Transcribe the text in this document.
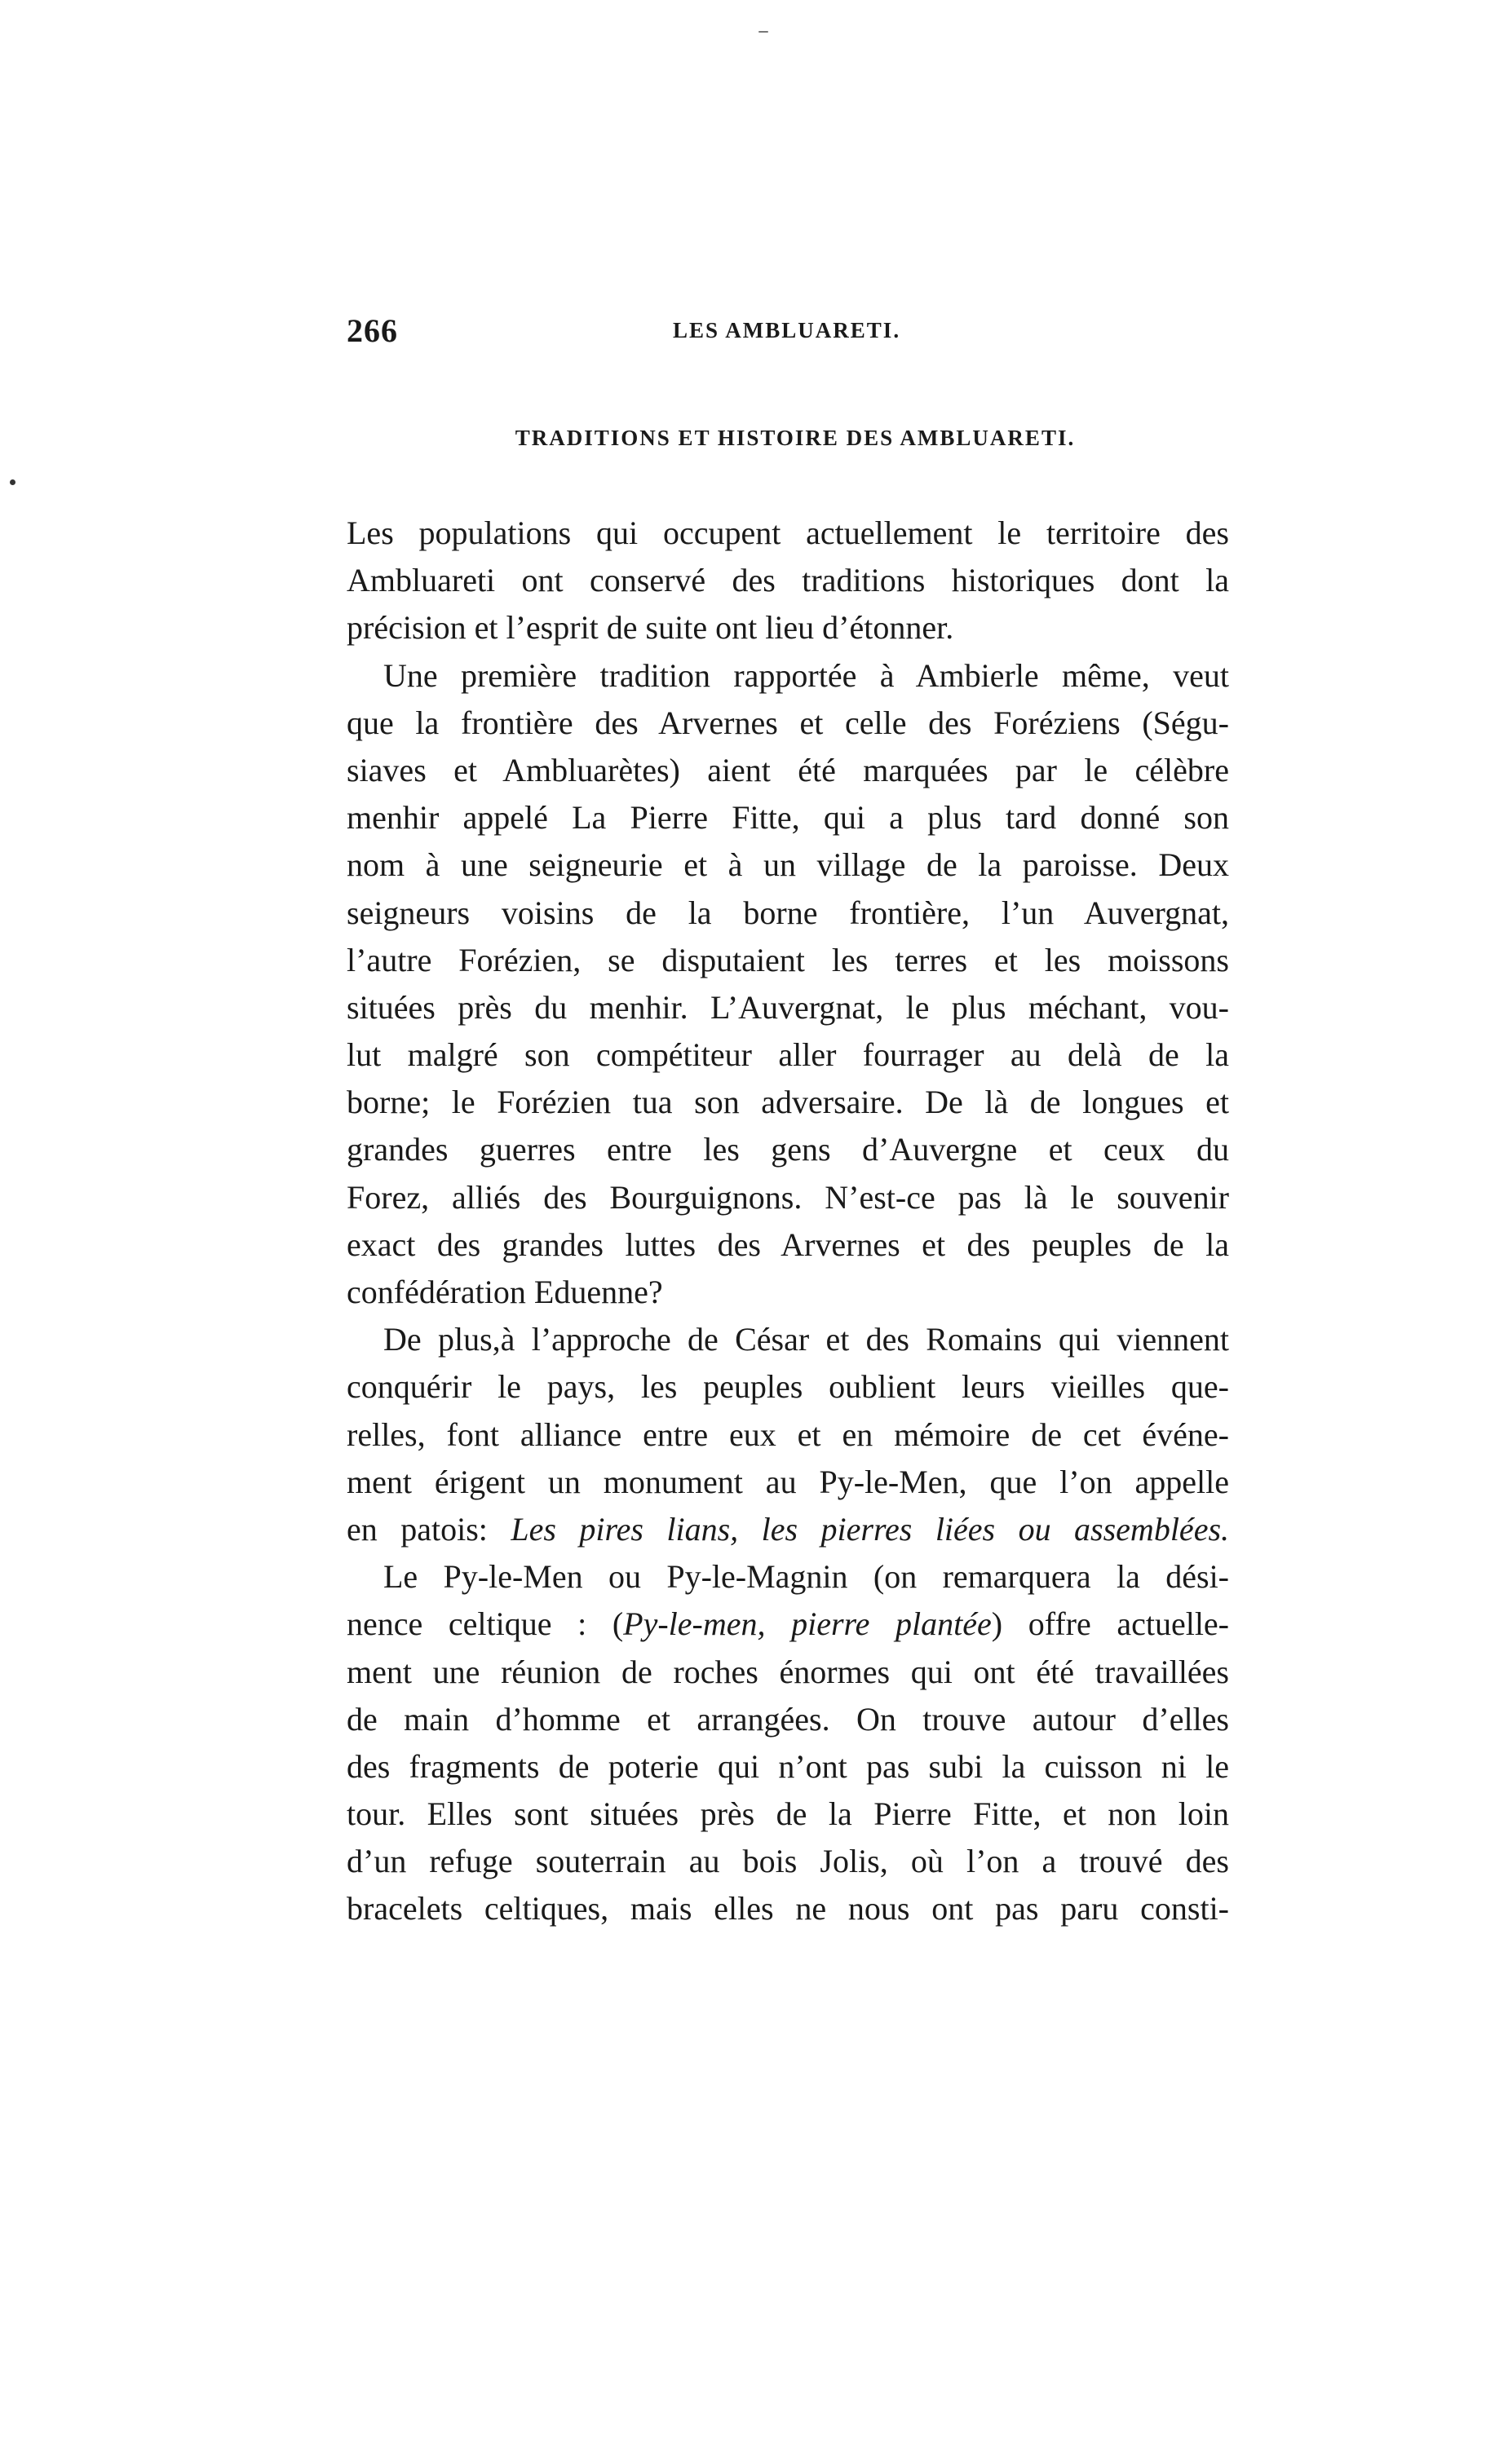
266	LES AMBLUARETI.
TRADITIONS ET HISTOIRE DES AMBLUARETI.
Les populations qui occupent actuellement le territoire des
Ambluareti ont conservé des traditions historiques dont la
précision et l’esprit de suite ont lieu d’étonner.
Une première tradition rapportée à Ambierle même, veut
que la frontière des Arvernes et celle des Foréziens (Ségu-
siaves et Ambluarètes) aient été marquées par le célèbre
menhir appelé La Pierre Fitte, qui a plus tard donné son
nom à une seigneurie et à un village de la paroisse. Deux
seigneurs voisins de la borne frontière, l’un Auvergnat,
l’autre Forézien, se disputaient les terres et les moissons
situées près du menhir. L’Auvergnat, le plus méchant, vou-
lut malgré son compétiteur aller fourrager au delà de la
borne; le Forézien tua son adversaire. De là de longues et
grandes guerres entre les gens d’Auvergne et ceux du
Forez, alliés des Bourguignons. N’est-ce pas là le souvenir
exact des grandes luttes des Arvernes et des peuples de la
confédération Eduenne?
De plus,à l’approche de César et des Romains qui viennent
conquérir le pays, les peuples oublient leurs vieilles que-
relles, font alliance entre eux et en mémoire de cet événe-
ment érigent un monument au Py-le-Men, que l’on appelle
en patois: Les pires lians, les pierres liées ou assemblées.
Le Py-le-Men ou Py-le-Magnin (on remarquera la dési-
nence celtique : (Py-le-men, pierre plantée) offre actuelle-
ment une réunion de roches énormes qui ont été travaillées
de main d’homme et arrangées. On trouve autour d’elles
des fragments de poterie qui n’ont pas subi la cuisson ni le
tour. Elles sont situées près de la Pierre Fitte, et non loin
d’un refuge souterrain au bois Jolis, où l’on a trouvé des
bracelets celtiques, mais elles ne nous ont pas paru consti-
